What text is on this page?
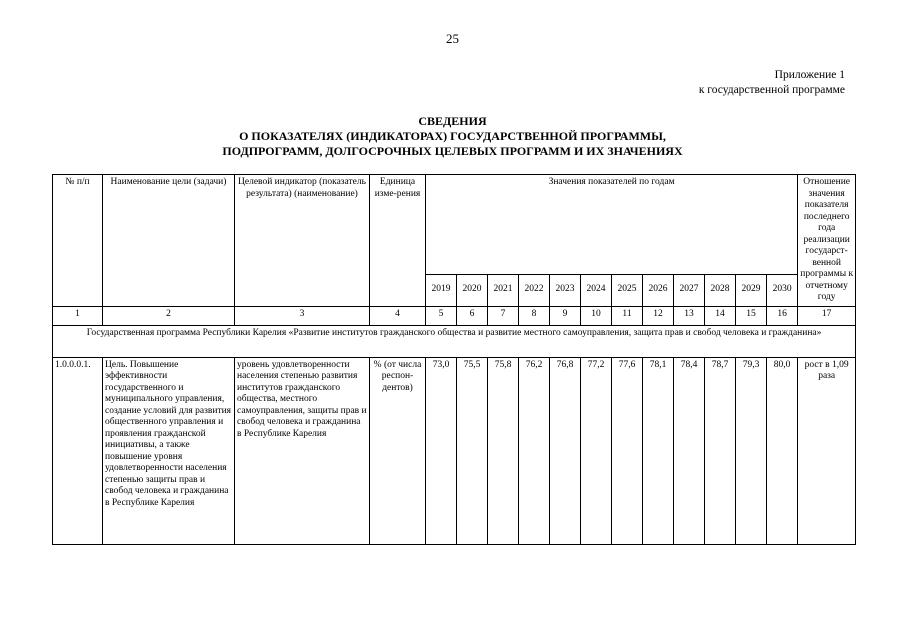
25
Приложение 1
к государственной программе
СВЕДЕНИЯ
О ПОКАЗАТЕЛЯХ (ИНДИКАТОРАХ) ГОСУДАРСТВЕННОЙ ПРОГРАММЫ,
ПОДПРОГРАММ, ДОЛГОСРОЧНЫХ ЦЕЛЕВЫХ ПРОГРАММ И ИХ ЗНАЧЕНИЯХ
№ п/п	Наименование цели (задачи)	Целевой индикатор (показатель результата) (наименование)	Единица изме-рения	Значения показателей по годам												Отношение значения показателя последнего года реализации государст-венной программы к отчетному году
				2019	2020	2021	2022	2023	2024	2025	2026	2027	2028	2029	2030	
1	2	3	4	5	6	7	8	9	10	11	12	13	14	15	16	17
Государственная программа Республики Карелия «Развитие институтов гражданского общества и развитие местного самоуправления, защита прав и свобод человека и гражданина»																
1.0.0.0.1.	Цель. Повышение эффективности государственного и муниципального управления, создание условий для развития общественного управления и проявления гражданской инициативы, а также повышение уровня удовлетворенности населения степенью защиты прав и свобод человека и гражданина в Республике Карелия	уровень удовлетворенности населения степенью развития институтов гражданского общества, местного самоуправления, защиты прав и свобод человека и гражданина в Республике Карелия	% (от числа респон-дентов)	73,0	75,5	75,8	76,2	76,8	77,2	77,6	78,1	78,4	78,7	79,3	80,0	рост в 1,09 раза
